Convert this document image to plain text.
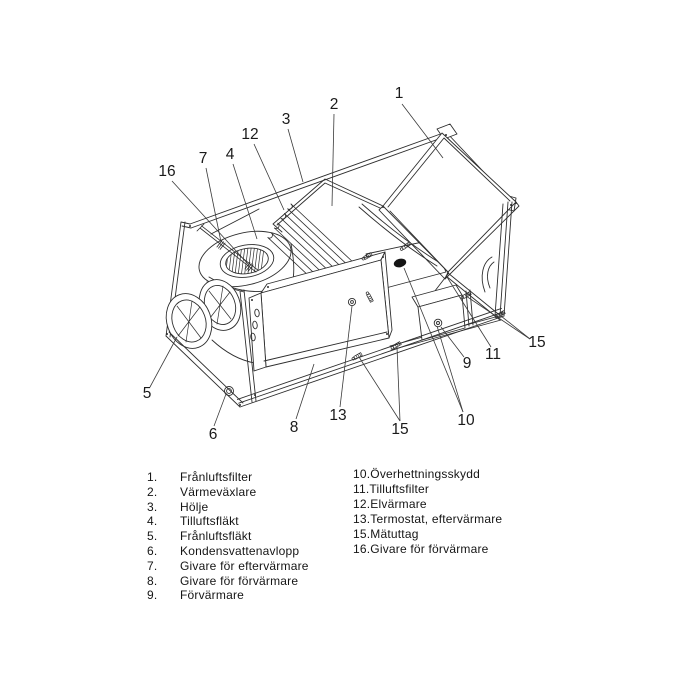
1
2
3
12
4
7
16
5
6	8
13
15
10
9
11
15
1. Frånluftsfilter
2. Värmeväxlare
3. Hölje
4. Tilluftsfläkt
5. Frånluftsfläkt
6. Kondensvattenavlopp
7. Givare för eftervärmare
8. Givare för förvärmare
9. Förvärmare
10.Överhettningsskydd
11.Tilluftsfilter
12.Elvärmare
13.Termostat, eftervärmare
15.Mätuttag
16.Givare för förvärmare
